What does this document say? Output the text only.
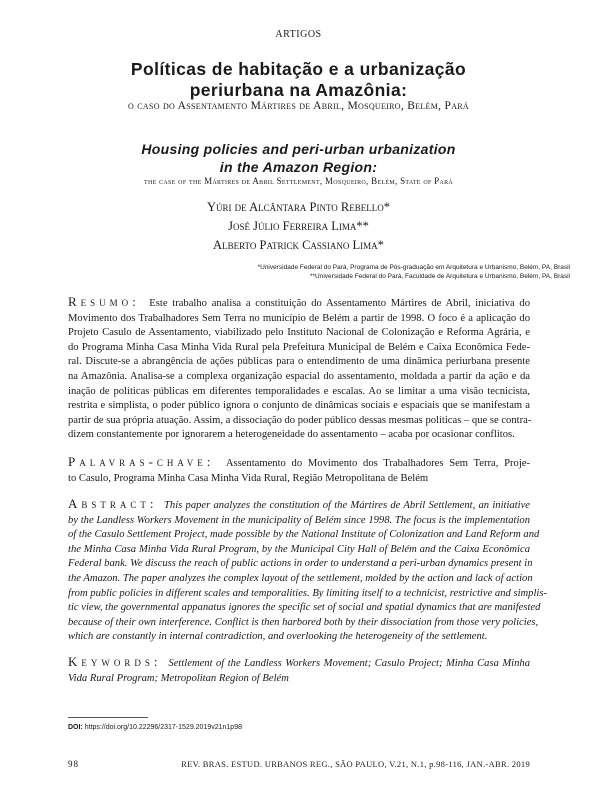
ARTIGOS
Políticas de habitação e a urbanização
periurbana na Amazônia:
o caso do Assentamento Mártires de Abril, Mosqueiro, Belém, Pará
Housing policies and peri-urban urbanization
in the Amazon Region:
the case of the Mártires de Abril Settlement, Mosqueiro, Belém, State of Pará
Yúri de Alcântara Pinto Rebello*
José Júlio Ferreira Lima**
Alberto Patrick Cassiano Lima*
*Universidade Federal do Pará, Programa de Pós-graduação em Arquitetura e Urbanismo, Belém, PA, Brasil
**Universidade Federal do Pará, Faculdade de Arquitetura e Urbanismo, Belém, PA, Brasil
Resumo: Este trabalho analisa a constituição do Assentamento Mártires de Abril, iniciativa do
Movimento dos Trabalhadores Sem Terra no município de Belém a partir de 1998. O foco é a aplicação do
Projeto Casulo de Assentamento, viabilizado pelo Instituto Nacional de Colonização e Reforma Agrária, e
do Programa Minha Casa Minha Vida Rural pela Prefeitura Municipal de Belém e Caixa Econômica Fede-
ral. Discute-se a abrangência de ações públicas para o entendimento de uma dinâmica periurbana presente
na Amazônia. Analisa-se a complexa organização espacial do assentamento, moldada a partir da ação e da
inação de políticas públicas em diferentes temporalidades e escalas. Ao se limitar a uma visão tecnicista,
restrita e simplista, o poder público ignora o conjunto de dinâmicas sociais e espaciais que se manifestam a
partir de sua própria atuação. Assim, a dissociação do poder público dessas mesmas políticas – que se contra-
dizem constantemente por ignorarem a heterogeneidade do assentamento – acaba por ocasionar conflitos.
Palavras-chave: Assentamento do Movimento dos Trabalhadores Sem Terra, Proje-
to Casulo, Programa Minha Casa Minha Vida Rural, Região Metropolitana de Belém
Abstract: This paper analyzes the constitution of the Mártires de Abril Settlement, an initiative
by the Landless Workers Movement in the municipality of Belém since 1998. The focus is the implementation
of the Casulo Settlement Project, made possible by the National Institute of Colonization and Land Reform and
the Minha Casa Minha Vida Rural Program, by the Municipal City Hall of Belém and the Caixa Econômica
Federal bank. We discuss the reach of public actions in order to understand a peri-urban dynamics present in
the Amazon. The paper analyzes the complex layout of the settlement, molded by the action and lack of action
from public policies in different scales and temporalities. By limiting itself to a technicist, restrictive and simplis-
tic view, the governmental appanatus ignores the specific set of social and spatial dynamics that are manifested
because of their own interference. Conflict is then harbored both by their dissociation from those very policies,
which are constantly in internal contradiction, and overlooking the heterogeneity of the settlement.
Keywords: Settlement of the Landless Workers Movement; Casulo Project; Minha Casa Minha
Vida Rural Program; Metropolitan Region of Belém
DOI: https://doi.org/10.22296/2317-1529.2019v21n1p98
98	REV. BRAS. ESTUD. URBANOS REG., SÃO PAULO, V.21, N.1, p.98-116, JAN.-ABR. 2019
